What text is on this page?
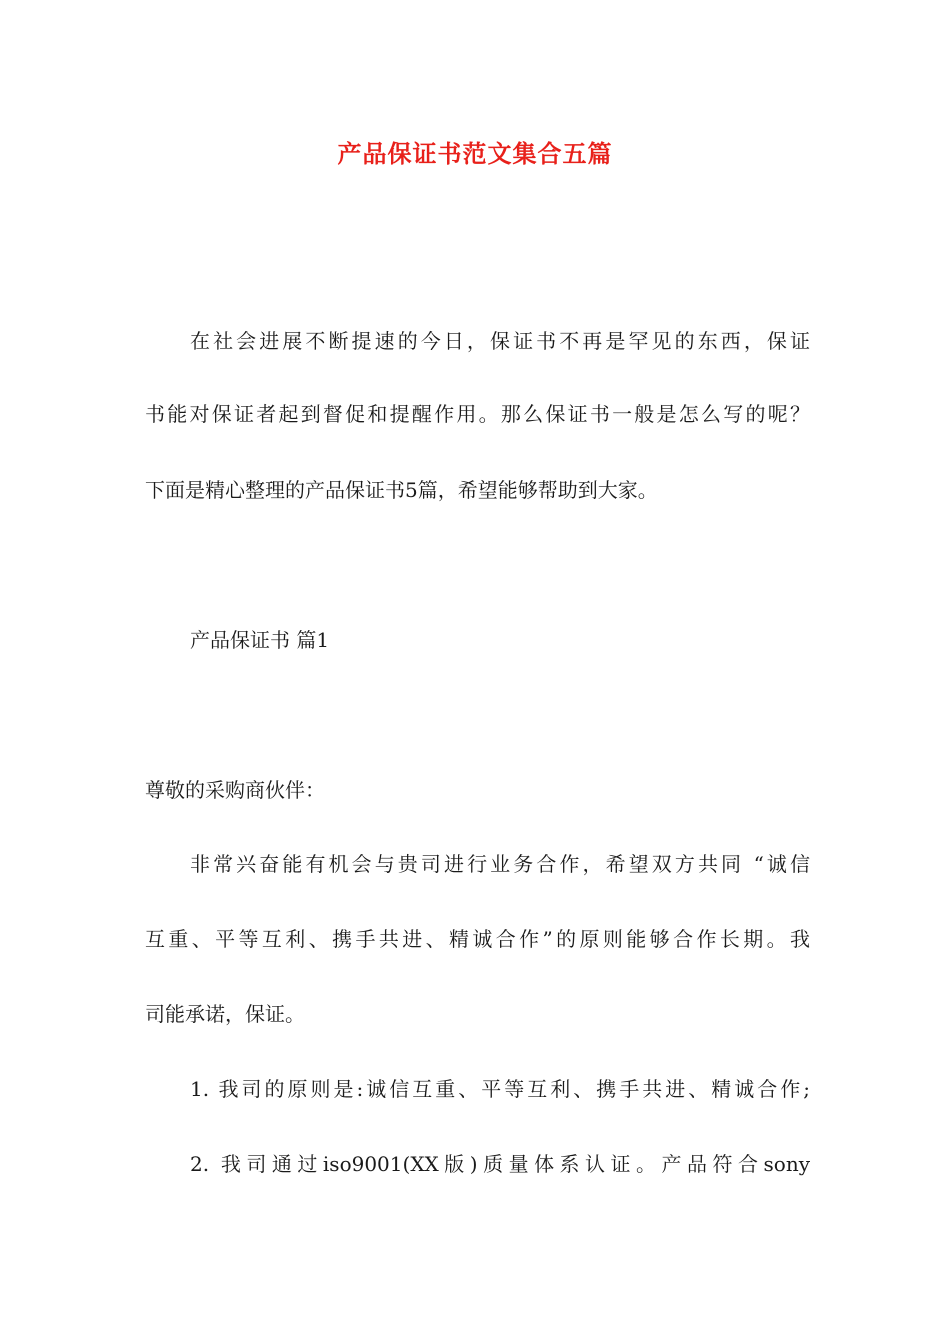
产品保证书范文集合五篇
在社会进展不断提速的今日，保证书不再是罕见的东西，保证
书能对保证者起到督促和提醒作用。那么保证书一般是怎么写的呢？
下面是精心整理的产品保证书5篇，希望能够帮助到大家。
产品保证书 篇1
尊敬的采购商伙伴：
非常兴奋能有机会与贵司进行业务合作，希望双方共同 “诚信
互重、平等互利、携手共进、精诚合作”的原则能够合作长期。我
司能承诺，保证。
1. 我司的原则是:诚信互重、平等互利、携手共进、精诚合作;
2. 我司通过iso9001(XX版)质量体系认证。产品符合sony
